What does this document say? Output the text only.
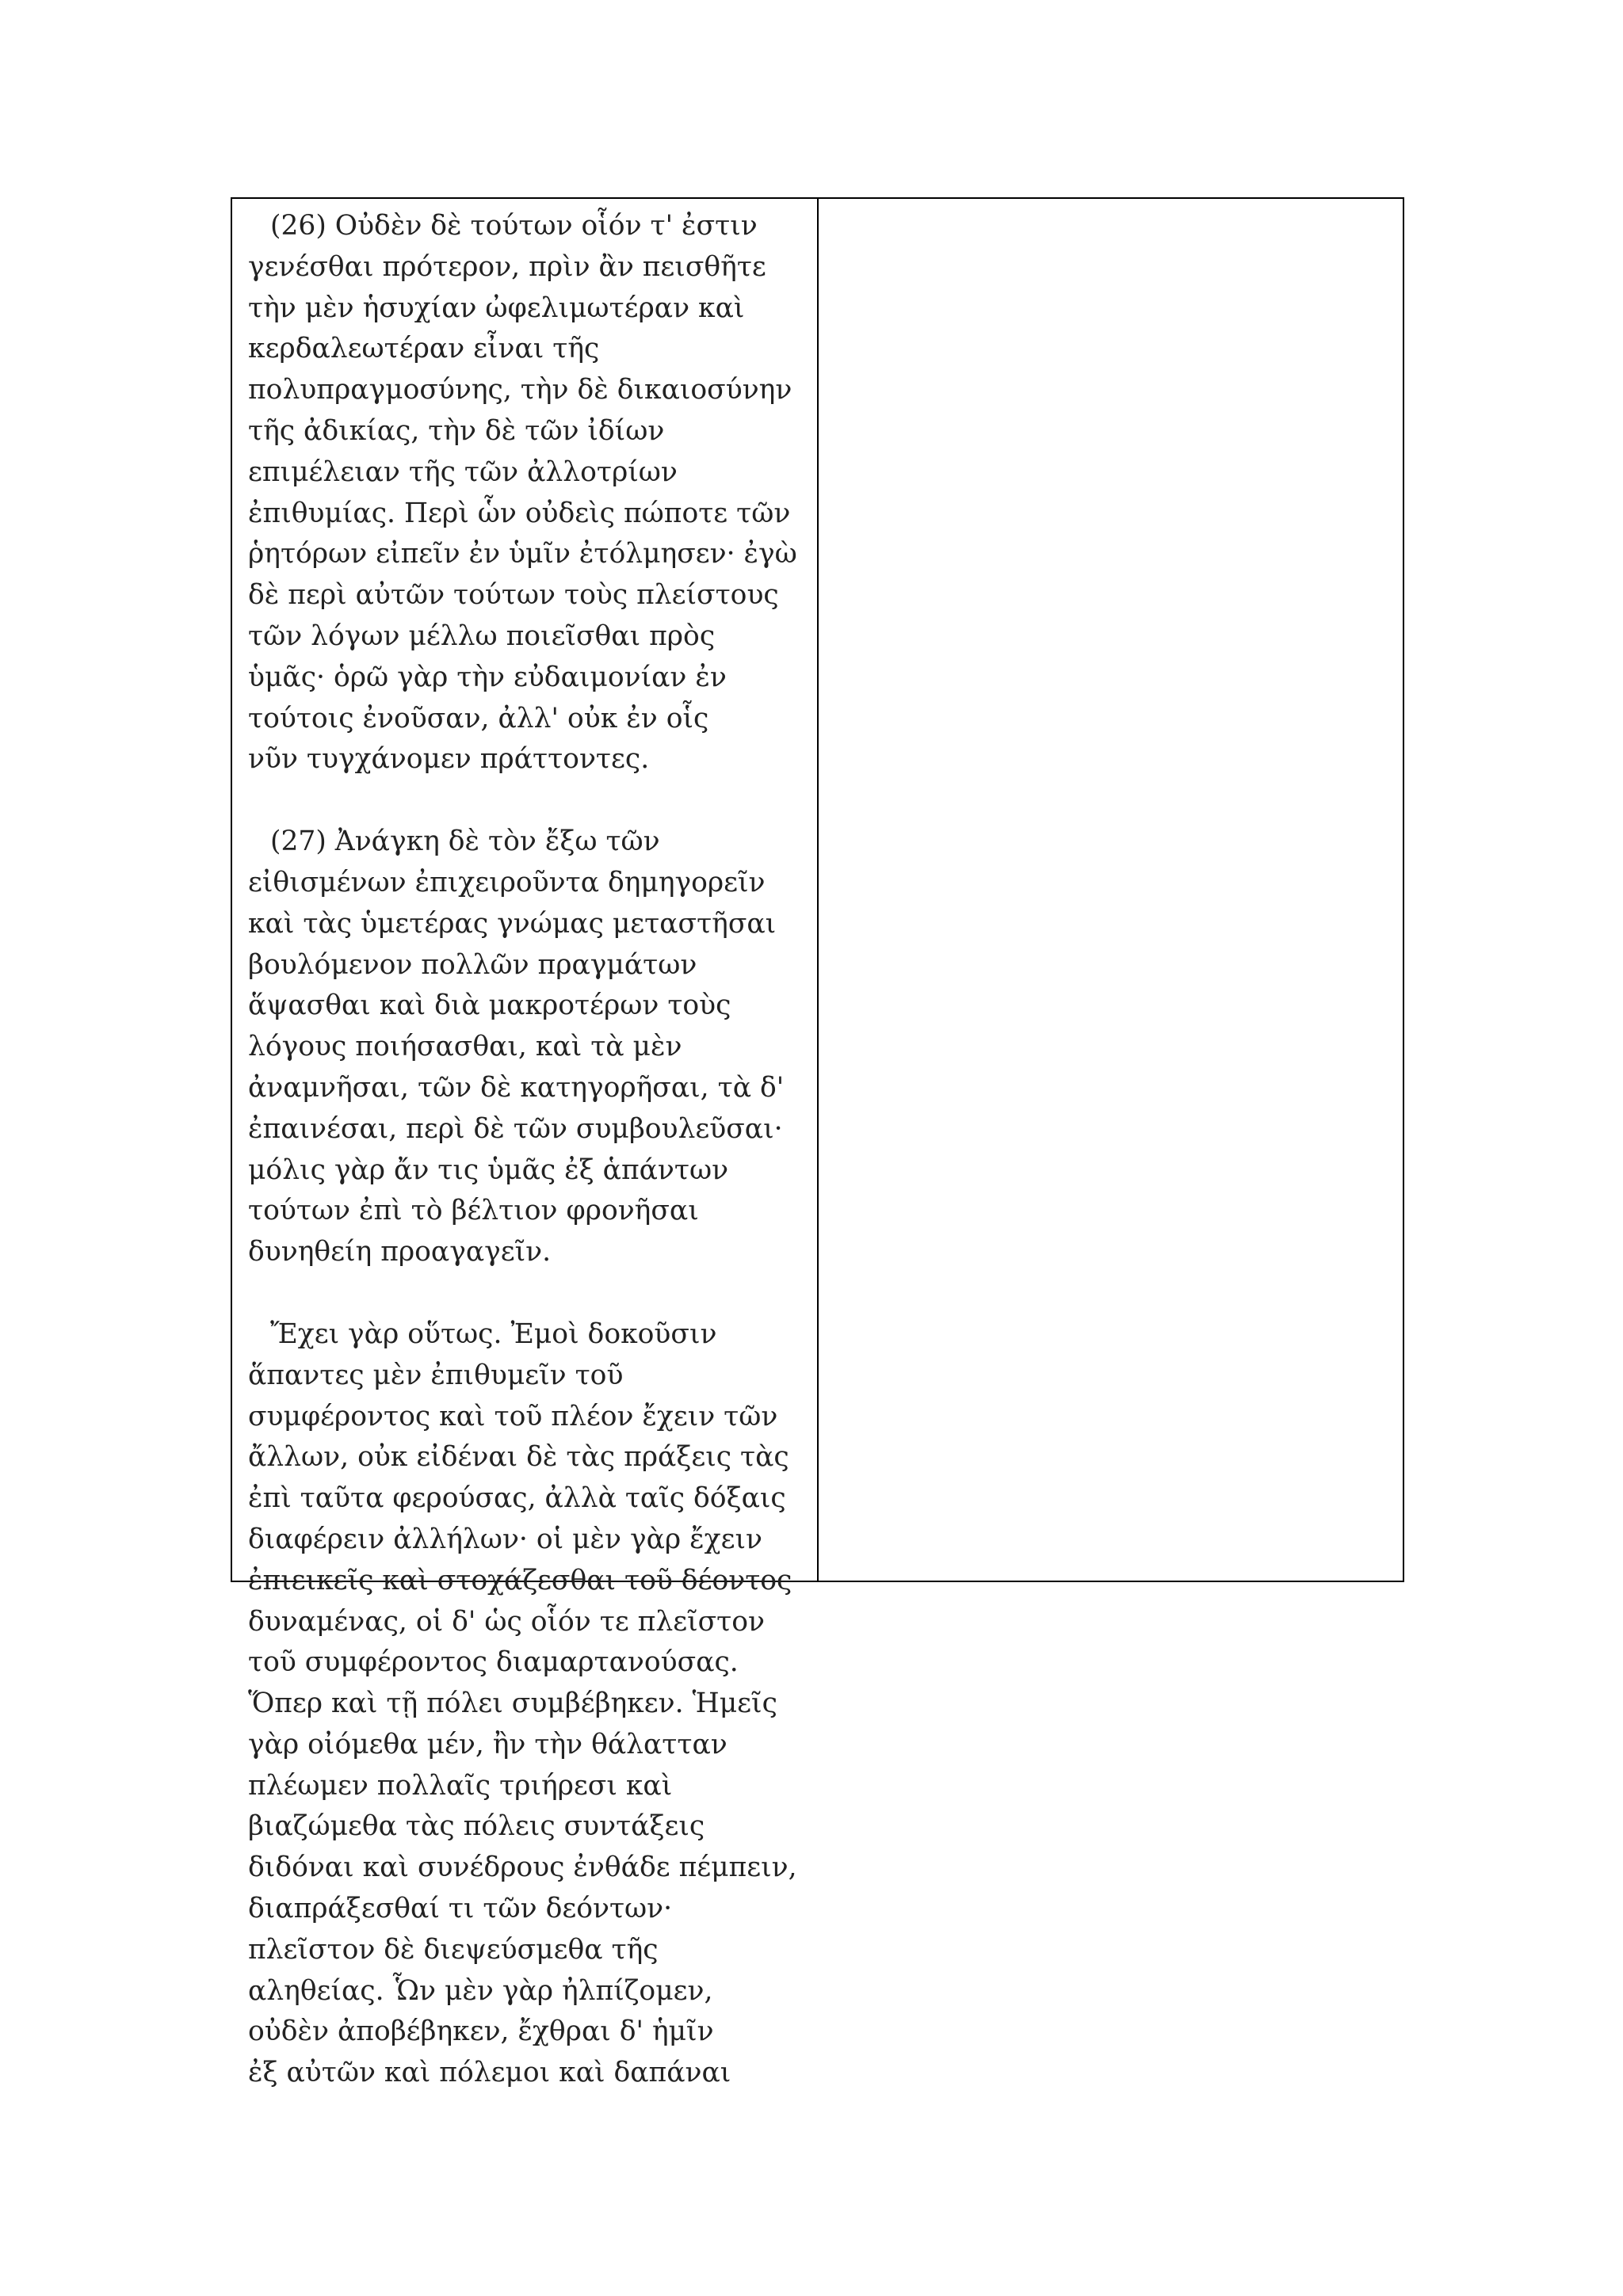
(26) Οὐδὲν δὲ τούτων οἷόν τ' ἐστιν
γενέσθαι πρότερον, πρὶν ἂν πεισθῆτε
τὴν μὲν ἡσυχίαν ὠφελιμωτέραν καὶ
κερδαλεωτέραν εἶναι τῆς
πολυπραγμοσύνης, τὴν δὲ δικαιοσύνην
τῆς ἀδικίας, τὴν δὲ τῶν ἰδίων
επιμέλειαν τῆς τῶν ἀλλοτρίων
ἐπιθυμίας. Περὶ ὧν οὐδεὶς πώποτε τῶν
ῥητόρων εἰπεῖν ἐν ὑμῖν ἐτόλμησεν· ἐγὼ
δὲ περὶ αὐτῶν τούτων τοὺς πλείστους
τῶν λόγων μέλλω ποιεῖσθαι πρὸς
ὑμᾶς· ὁρῶ γὰρ τὴν εὐδαιμονίαν ἐν
τούτοις ἐνοῦσαν, ἀλλ' οὐκ ἐν οἷς
νῦν τυγχάνομεν πράττοντες.
(27) Ἀνάγκη δὲ τὸν ἔξω τῶν
εἰθισμένων ἐπιχειροῦντα δημηγορεῖν
καὶ τὰς ὑμετέρας γνώμας μεταστῆσαι
βουλόμενον πολλῶν πραγμάτων
ἅψασθαι καὶ διὰ μακροτέρων τοὺς
λόγους ποιήσασθαι, καὶ τὰ μὲν
ἀναμνῆσαι, τῶν δὲ κατηγορῆσαι, τὰ δ'
ἐπαινέσαι, περὶ δὲ τῶν συμβουλεῦσαι·
μόλις γὰρ ἄν τις ὑμᾶς ἐξ ἁπάντων
τούτων ἐπὶ τὸ βέλτιον φρονῆσαι
δυνηθείη προαγαγεῖν.
Ἔχει γὰρ οὕτως. Ἐμοὶ δοκοῦσιν
ἅπαντες μὲν ἐπιθυμεῖν τοῦ
συμφέροντος καὶ τοῦ πλέον ἔχειν τῶν
ἄλλων, οὐκ εἰδέναι δὲ τὰς πράξεις τὰς
ἐπὶ ταῦτα φερούσας, ἀλλὰ ταῖς δόξαις
διαφέρειν ἀλλήλων· οἱ μὲν γὰρ ἔχειν
ἐπιεικεῖς καὶ στοχάζεσθαι τοῦ δέοντος
δυναμένας, οἱ δ' ὡς οἷόν τε πλεῖστον
τοῦ συμφέροντος διαμαρτανούσας.
Ὅπερ καὶ τῇ πόλει συμβέβηκεν. Ἡμεῖς
γὰρ οἰόμεθα μέν, ἢν τὴν θάλατταν
πλέωμεν πολλαῖς τριήρεσι καὶ
βιαζώμεθα τὰς πόλεις συντάξεις
διδόναι καὶ συνέδρους ἐνθάδε πέμπειν,
διαπράξεσθαί τι τῶν δεόντων·
πλεῖστον δὲ διεψεύσμεθα τῆς
αληθείας. Ὧν μὲν γὰρ ἠλπίζομεν,
οὐδὲν ἀποβέβηκεν, ἔχθραι δ' ἡμῖν
ἐξ αὐτῶν καὶ πόλεμοι καὶ δαπάναι
